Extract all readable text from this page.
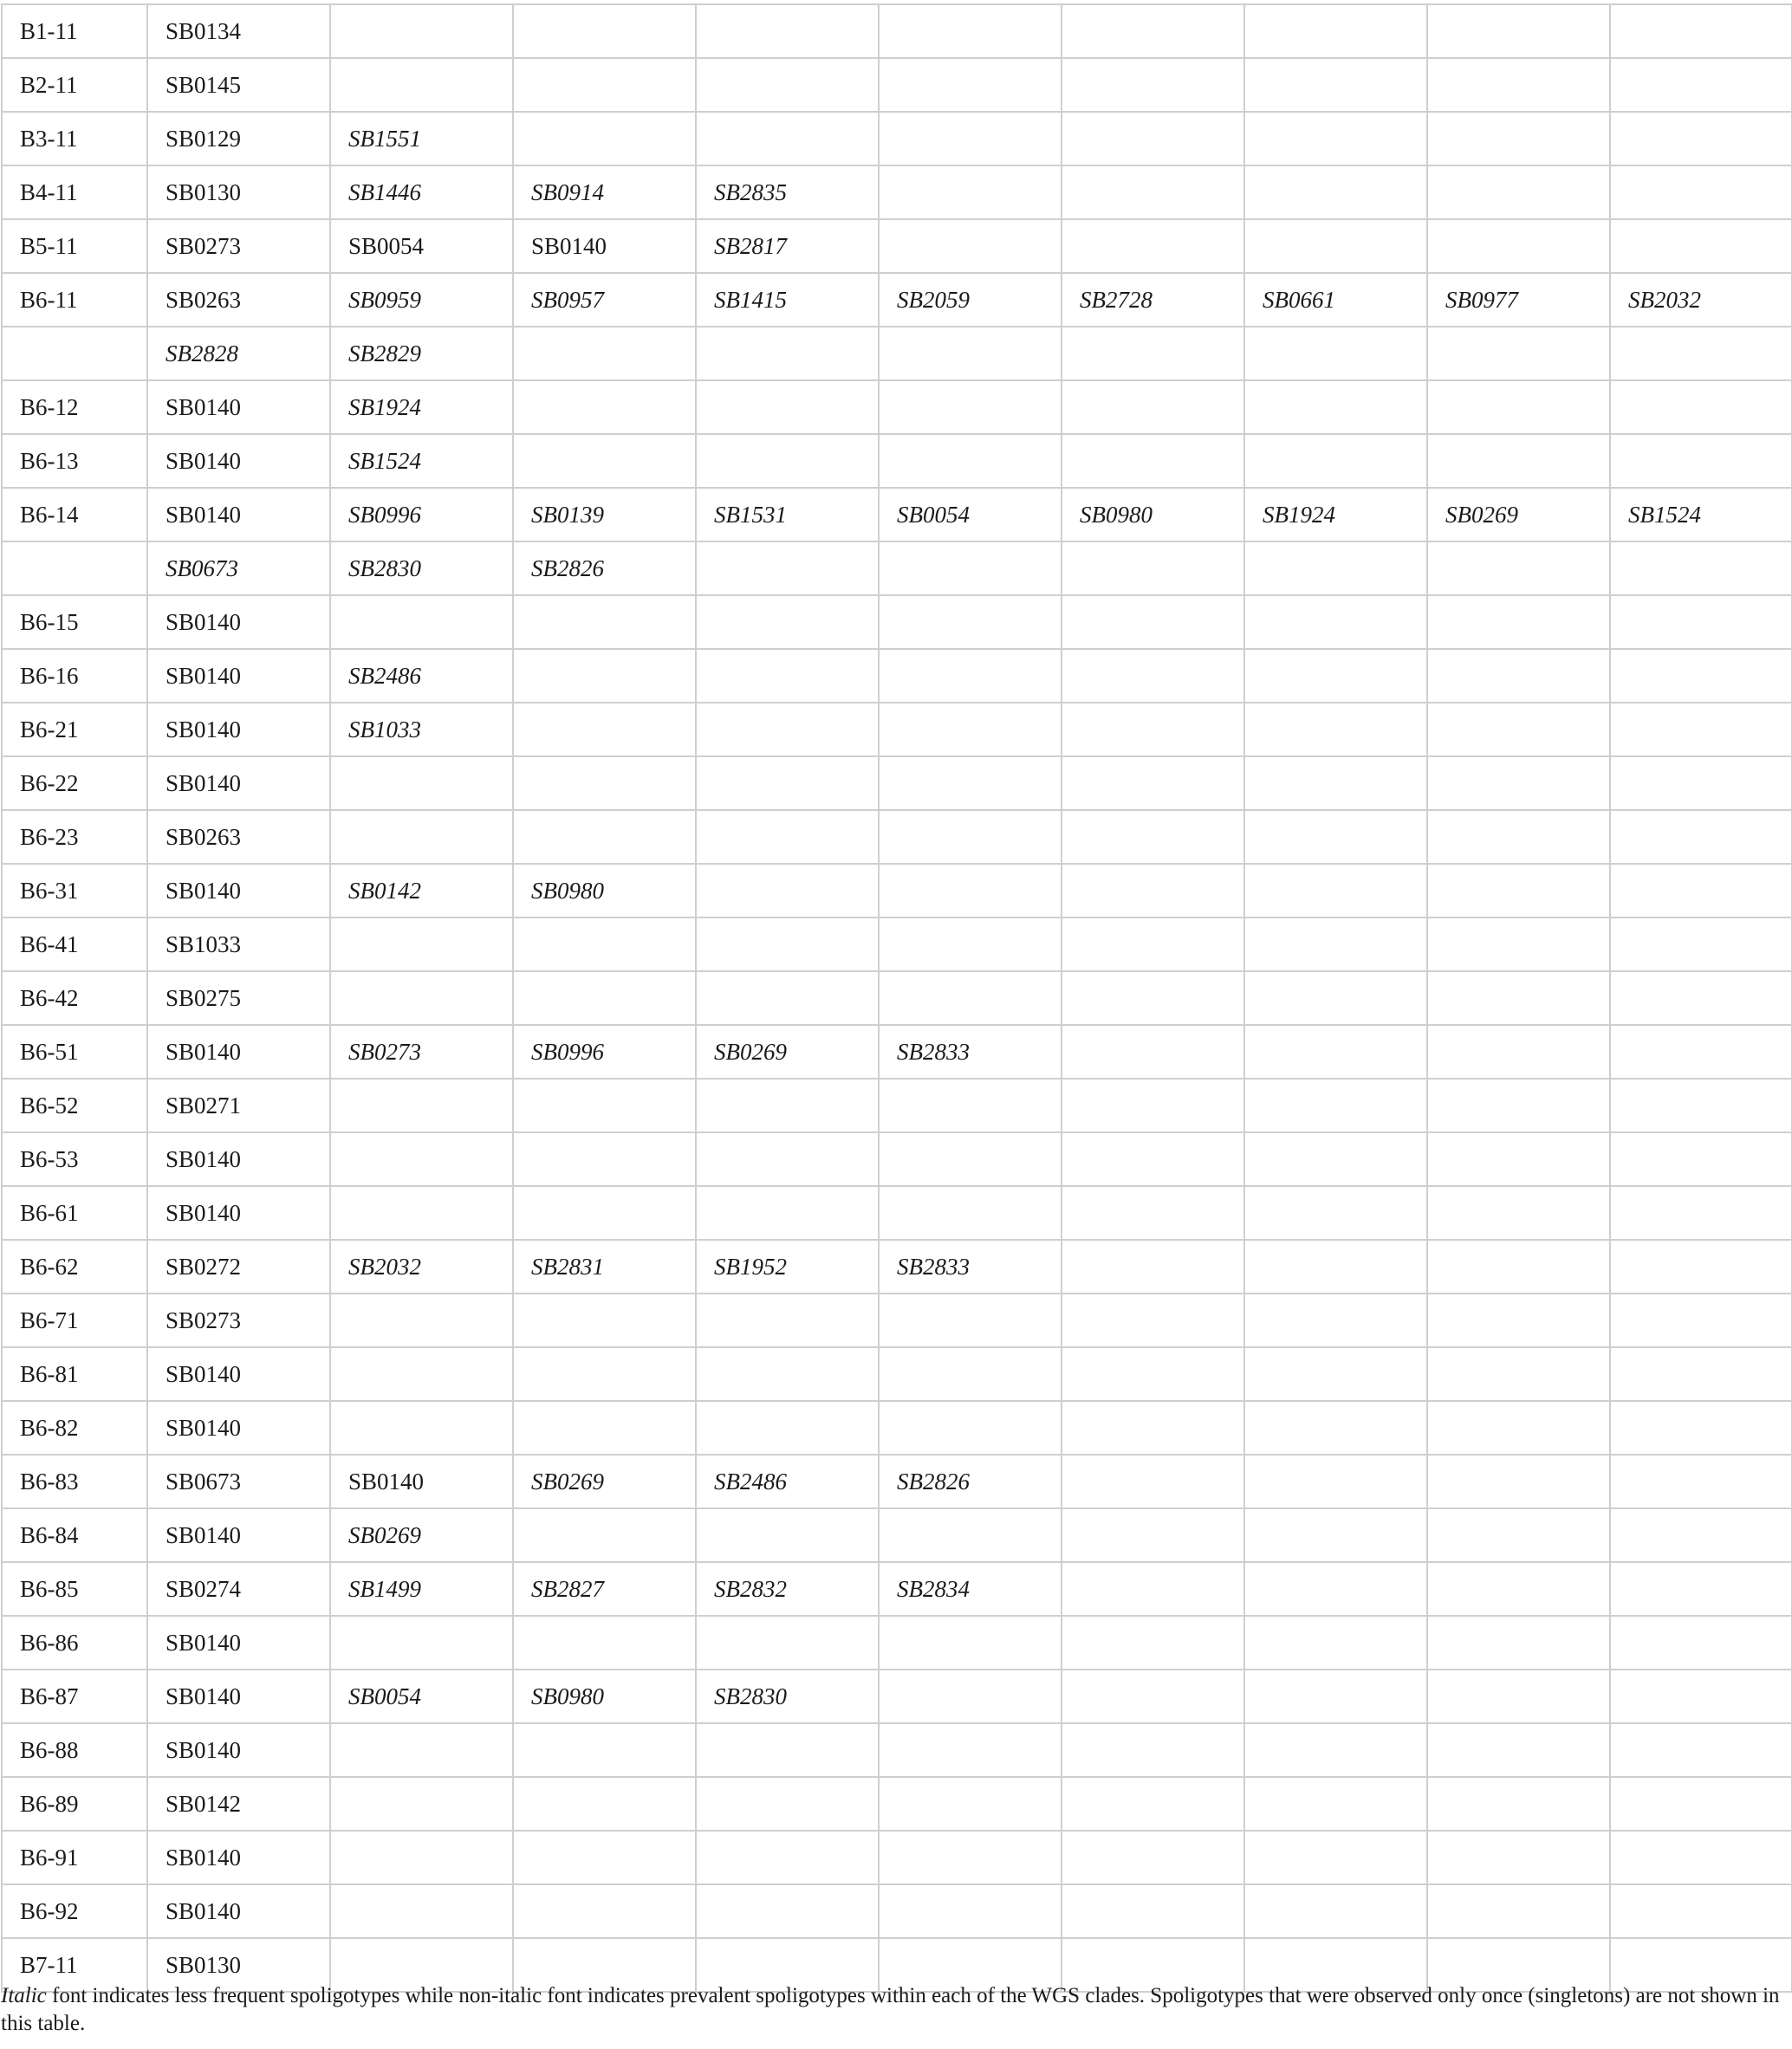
B1-11	SB0134								
B2-11	SB0145								
B3-11	SB0129	SB1551							
B4-11	SB0130	SB1446	SB0914	SB2835					
B5-11	SB0273	SB0054	SB0140	SB2817					
B6-11	SB0263	SB0959	SB0957	SB1415	SB2059	SB2728	SB0661	SB0977	SB2032
	SB2828	SB2829							
B6-12	SB0140	SB1924							
B6-13	SB0140	SB1524							
B6-14	SB0140	SB0996	SB0139	SB1531	SB0054	SB0980	SB1924	SB0269	SB1524
	SB0673	SB2830	SB2826						
B6-15	SB0140								
B6-16	SB0140	SB2486							
B6-21	SB0140	SB1033							
B6-22	SB0140								
B6-23	SB0263								
B6-31	SB0140	SB0142	SB0980						
B6-41	SB1033								
B6-42	SB0275								
B6-51	SB0140	SB0273	SB0996	SB0269	SB2833				
B6-52	SB0271								
B6-53	SB0140								
B6-61	SB0140								
B6-62	SB0272	SB2032	SB2831	SB1952	SB2833				
B6-71	SB0273								
B6-81	SB0140								
B6-82	SB0140								
B6-83	SB0673	SB0140	SB0269	SB2486	SB2826				
B6-84	SB0140	SB0269							
B6-85	SB0274	SB1499	SB2827	SB2832	SB2834				
B6-86	SB0140								
B6-87	SB0140	SB0054	SB0980	SB2830					
B6-88	SB0140								
B6-89	SB0142								
B6-91	SB0140								
B6-92	SB0140								
B7-11	SB0130								

Italic font indicates less frequent spoligotypes while non-italic font indicates prevalent spoligotypes within each of the WGS clades. Spoligotypes that were observed only once (singletons) are not shown in this table.
